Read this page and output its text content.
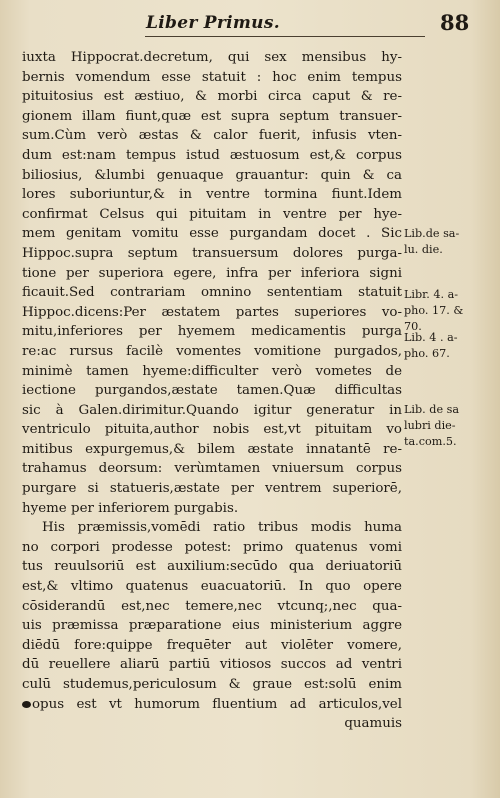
Liber Primus.	88
iuxta Hippocrat.decretum, qui sex mensibus hy-
bernis vomendum esse statuit : hoc enim tempus
pituitosius est æstiuo, & morbi circa caput & re-
gionem illam fiunt,quæ est supra septum transuer-
sum.Cùm verò æstas & calor fuerit, infusis vten-
dum est:nam tempus istud æstuosum est,& corpus
biliosius, &lumbi genuaque grauantur: quin & ca
lores suboriuntur,& in ventre tormina fiunt.Idem
confirmat Celsus qui pituitam in ventre per hye-
mem genitam vomitu esse purgandam docet . Sic
Hippoc.supra septum transuersum dolores purga-
tione per superiora egere, infra per inferiora signi
ficauit.Sed contrariam omnino sententiam statuit
Hippoc.dicens:Per æstatem partes superiores vo-
mitu,inferiores per hyemem medicamentis purga
re:ac rursus facilè vomentes vomitione purgados,
minimè tamen hyeme:difficulter verò vometes de
iectione purgandos,æstate tamen.Quæ difficultas
sic à Galen.dirimitur.Quando igitur generatur in
ventriculo pituita,author nobis est,vt pituitam vo
mitibus expurgemus,& bilem æstate innatantē re-
trahamus deorsum: verùmtamen vniuersum corpus
purgare si statueris,æstate per ventrem superiorē,
hyeme per inferiorem purgabis.
His præmissis,vomēdi ratio tribus modis huma
no corpori prodesse potest: primo quatenus vomi
tus reuulsoriū est auxilium:secūdo qua deriuatoriū
est,& vltimo quatenus euacuatoriū. In quo opere
cōsiderandū est,nec temere,nec vtcunq;,nec qua-
uis præmissa præparatione eius ministerium aggre
diēdū fore:quippe frequēter aut violēter vomere,
dū reuellere aliarū partiū vitiosos succos ad ventri
culū studemus,periculosum & graue est:solū enim
opus est vt humorum fluentium ad articulos,vel
quamuis
Lib.de sa-
lu. die.
Libr. 4. a-
pho. 17. &
70.
Lib. 4 . a-
pho. 67.
Lib. de sa
lubri die-
ta.com.5.
